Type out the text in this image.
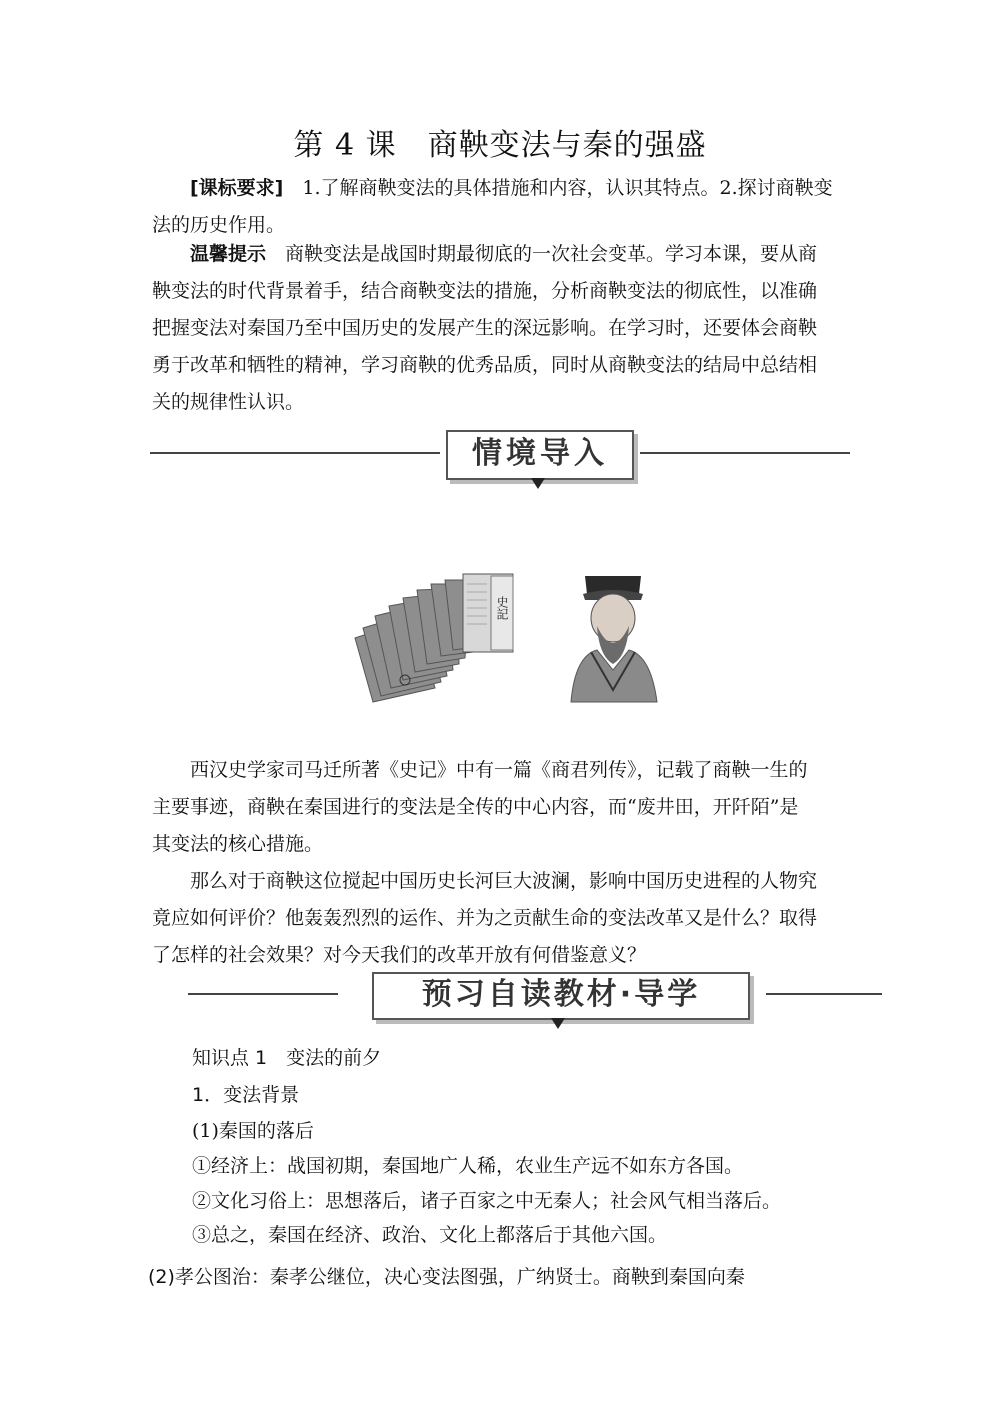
第 4 课　商鞅变法与秦的强盛
[课标要求]　 1.了解商鞅变法的具体措施和内容，认识其特点。2.探讨商鞅变
法的历史作用。
温馨提示　 商鞅变法是战国时期最彻底的一次社会变革。学习本课，要从商
鞅变法的时代背景着手，结合商鞅变法的措施，分析商鞅变法的彻底性，以准确
把握变法对秦国乃至中国历史的发展产生的深远影响。在学习时，还要体会商鞅
勇于改革和牺牲的精神，学习商鞅的优秀品质，同时从商鞅变法的结局中总结相
关的规律性认识。
情境导入
史記
西汉史学家司马迁所著《史记》中有一篇《商君列传》，记载了商鞅一生的
主要事迹，商鞅在秦国进行的变法是全传的中心内容，而“废井田，开阡陌”是
其变法的核心措施。
那么对于商鞅这位搅起中国历史长河巨大波澜，影响中国历史进程的人物究
竟应如何评价？他轰轰烈烈的运作、并为之贡献生命的变法改革又是什么？取得
了怎样的社会效果？对今天我们的改革开放有何借鉴意义？
预习自读教材·导学
知识点 1　变法的前夕
1．变法背景
(1)秦国的落后
①经济上：战国初期，秦国地广人稀，农业生产远不如东方各国。
②文化习俗上：思想落后，诸子百家之中无秦人；社会风气相当落后。
③总之，秦国在经济、政治、文化上都落后于其他六国。
(2)孝公图治：秦孝公继位，决心变法图强，广纳贤士。商鞅到秦国向秦
